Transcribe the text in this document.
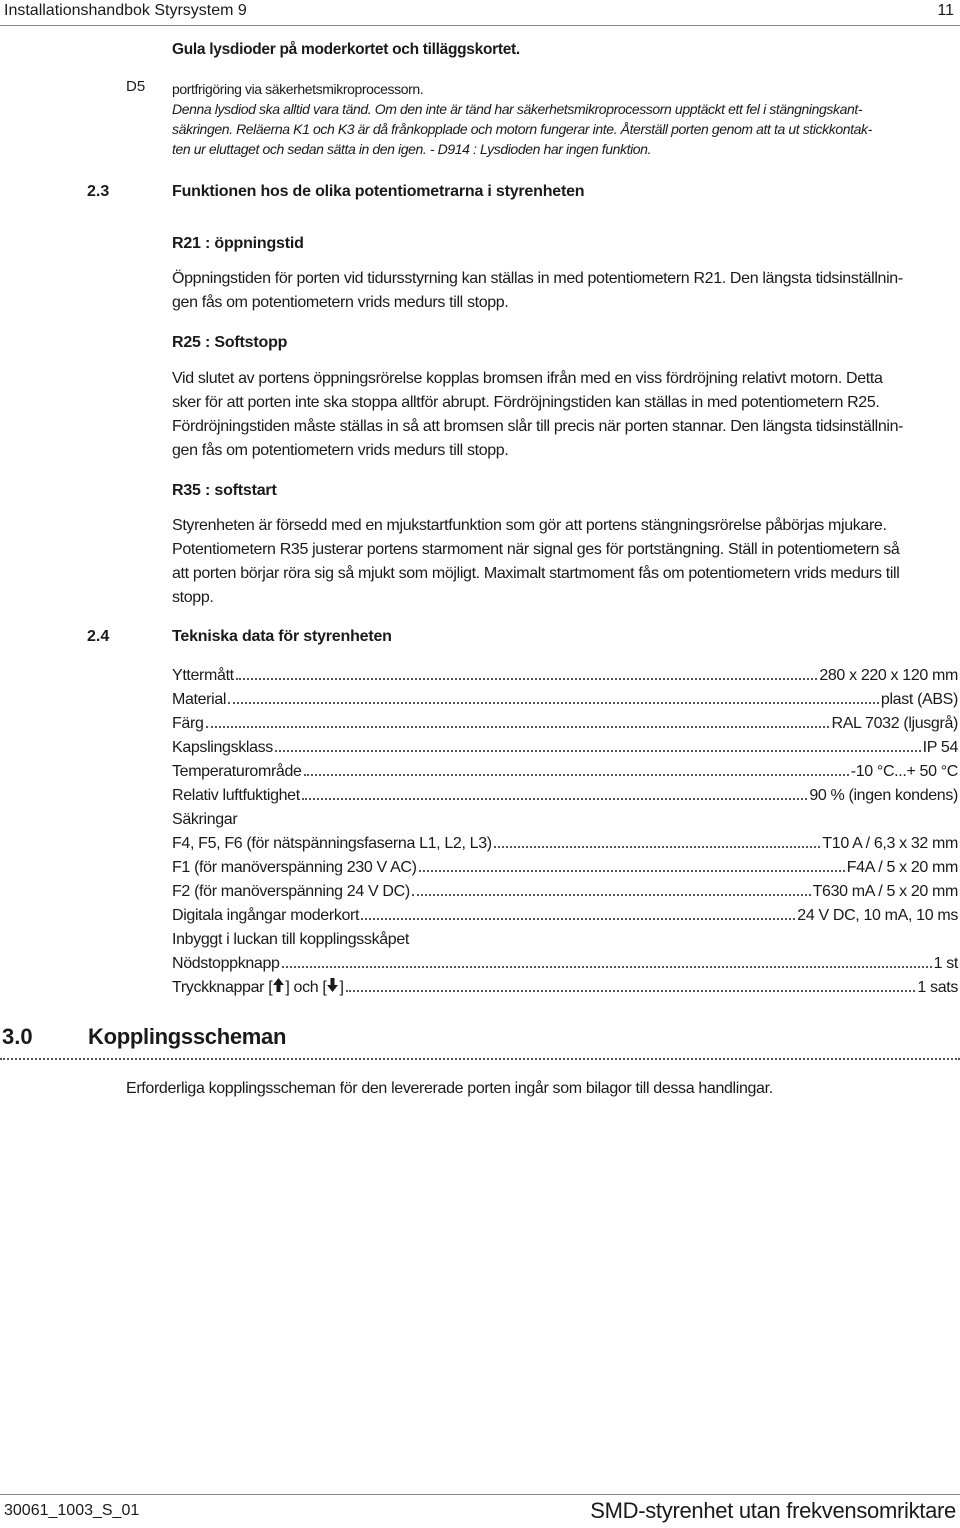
Installationshandbok Styrsystem 9	11
Gula lysdioder på moderkortet och tilläggskortet.
D5 portfrigöring via säkerhetsmikroprocessorn.
Denna lysdiod ska alltid vara tänd. Om den inte är tänd har säkerhetsmikroprocessorn upptäckt ett fel i stängningskant-
säkringen. Reläerna K1 och K3 är då frånkopplade och motorn fungerar inte. Återställ porten genom att ta ut stickkontak-
ten ur eluttaget och sedan sätta in den igen. - D914 : Lysdioden har ingen funktion.
2.3	Funktionen hos de olika potentiometrarna i styrenheten
R21 : öppningstid
Öppningstiden för porten vid tidursstyrning kan ställas in med potentiometern R21. Den längsta tidsinställnin-
gen fås om potentiometern vrids medurs till stopp.
R25 : Softstopp
Vid slutet av portens öppningsrörelse kopplas bromsen ifrån med en viss fördröjning relativt motorn. Detta
sker för att porten inte ska stoppa alltför abrupt. Fördröjningstiden kan ställas in med potentiometern R25.
Fördröjningstiden måste ställas in så att bromsen slår till precis när porten stannar. Den längsta tidsinställnin-
gen fås om potentiometern vrids medurs till stopp.
R35 : softstart
Styrenheten är försedd med en mjukstartfunktion som gör att portens stängningsrörelse påbörjas mjukare.
Potentiometern R35 justerar portens starmoment när signal ges för portstängning. Ställ in potentiometern så
att porten börjar röra sig så mjukt som möjligt. Maximalt startmoment fås om potentiometern vrids medurs till
stopp.
2.4	Tekniska data för styrenheten
Yttermått	280 x 220 x 120 mm
Material	plast (ABS)
Färg	RAL 7032 (ljusgrå)
Kapslingsklass	IP 54
Temperaturområde	-10 °C...+ 50 °C
Relativ luftfuktighet	90 % (ingen kondens)
Säkringar
F4, F5, F6 (för nätspänningsfaserna L1, L2, L3)	T10 A / 6,3 x 32 mm
F1 (för manöverspänning 230 V AC)	F4A / 5 x 20 mm
F2 (för manöverspänning 24 V DC)	T630 mA / 5 x 20 mm
Digitala ingångar moderkort	24 V DC, 10 mA, 10 ms
Inbyggt i luckan till kopplingsskåpet
Nödstoppknapp	1 st
Tryckknappar [ ] och [ ]	1 sats
3.0	Kopplingsscheman
Erforderliga kopplingsscheman för den levererade porten ingår som bilagor till dessa handlingar.
30061_1003_S_01	SMD-styrenhet utan frekvensomriktare
